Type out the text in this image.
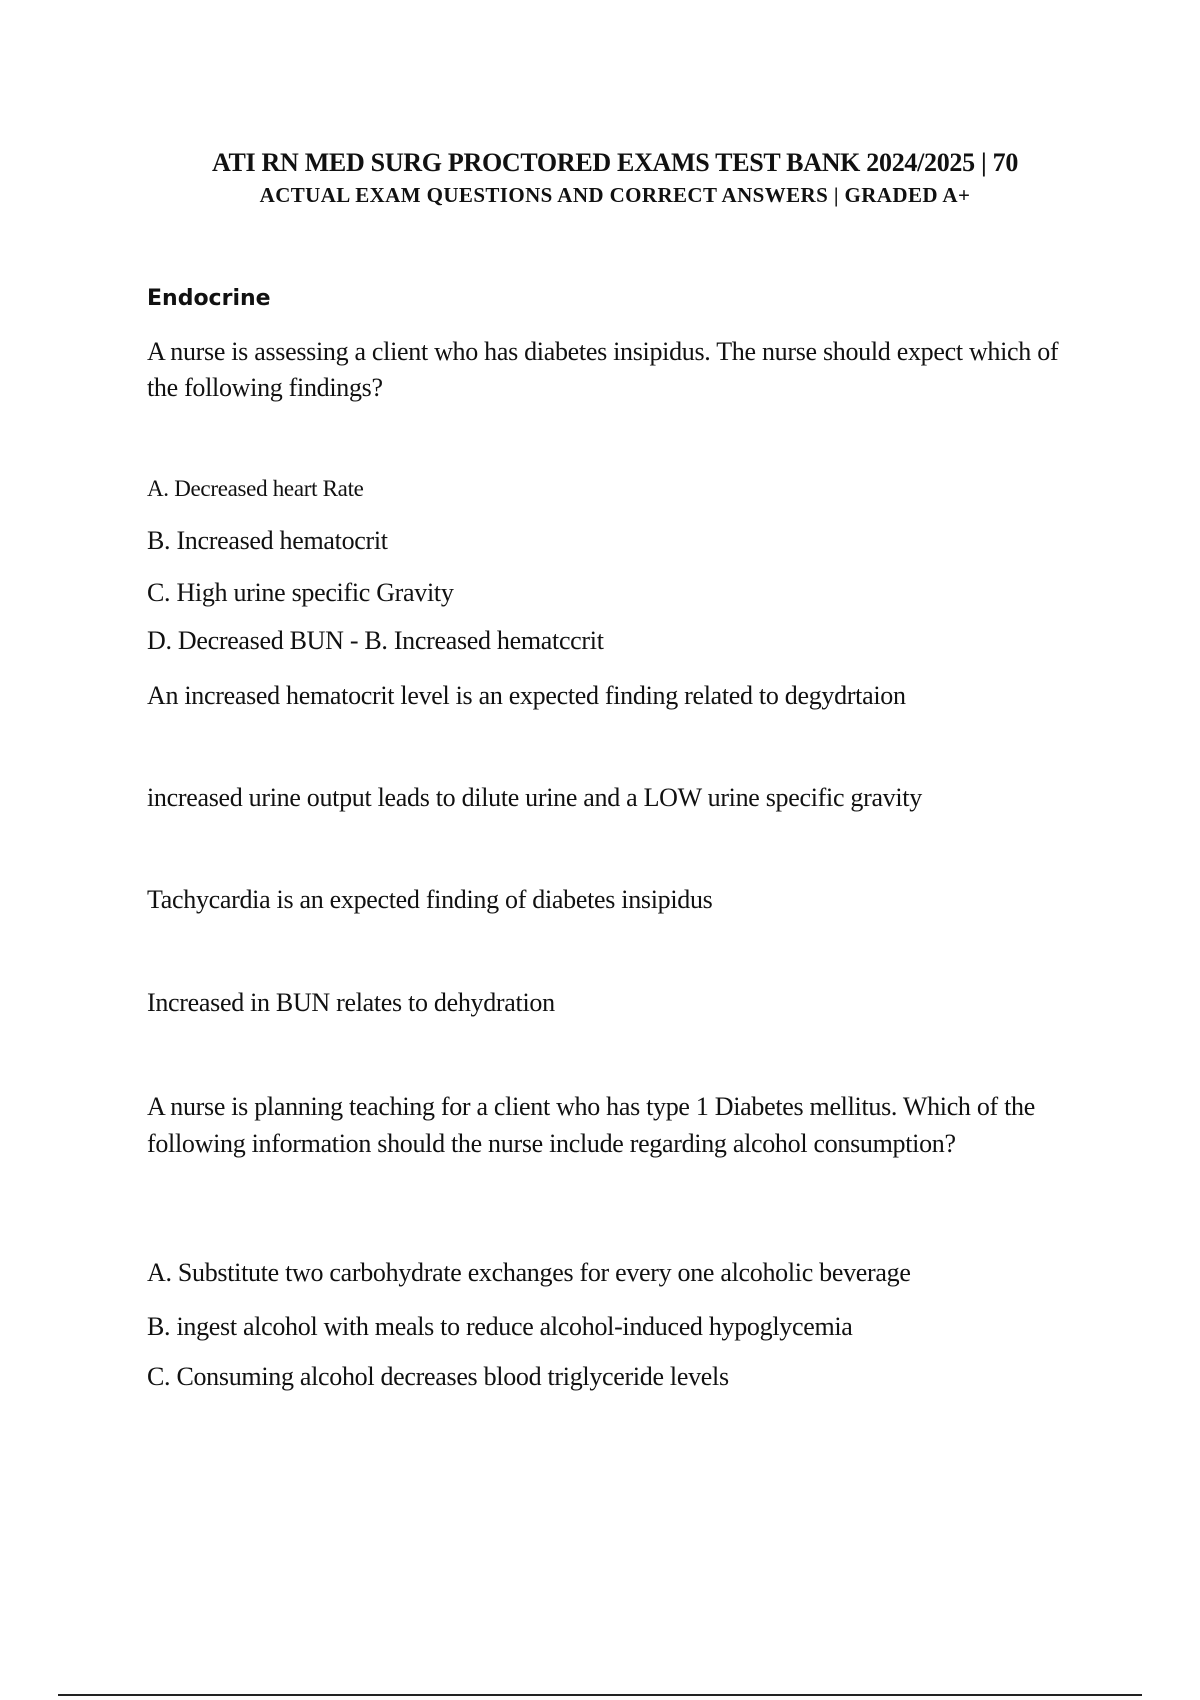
ATI RN MED SURG PROCTORED EXAMS TEST BANK 2024/2025 | 70
ACTUAL EXAM QUESTIONS AND CORRECT ANSWERS | GRADED A+
Endocrine
A nurse is assessing a client who has diabetes insipidus. The nurse should expect which of the following findings?
A. Decreased heart Rate
B. Increased hematocrit
C. High urine specific Gravity
D. Decreased BUN - B. Increased hematccrit
An increased hematocrit level is an expected finding related to degydrtaion
increased urine output leads to dilute urine and a LOW urine specific gravity
Tachycardia is an expected finding of diabetes insipidus
Increased in BUN relates to dehydration
A nurse is planning teaching for a client who has type 1 Diabetes mellitus. Which of the following information should the nurse include regarding alcohol consumption?
A. Substitute two carbohydrate exchanges for every one alcoholic beverage
B. ingest alcohol with meals to reduce alcohol-induced hypoglycemia
C. Consuming alcohol decreases blood triglyceride levels
